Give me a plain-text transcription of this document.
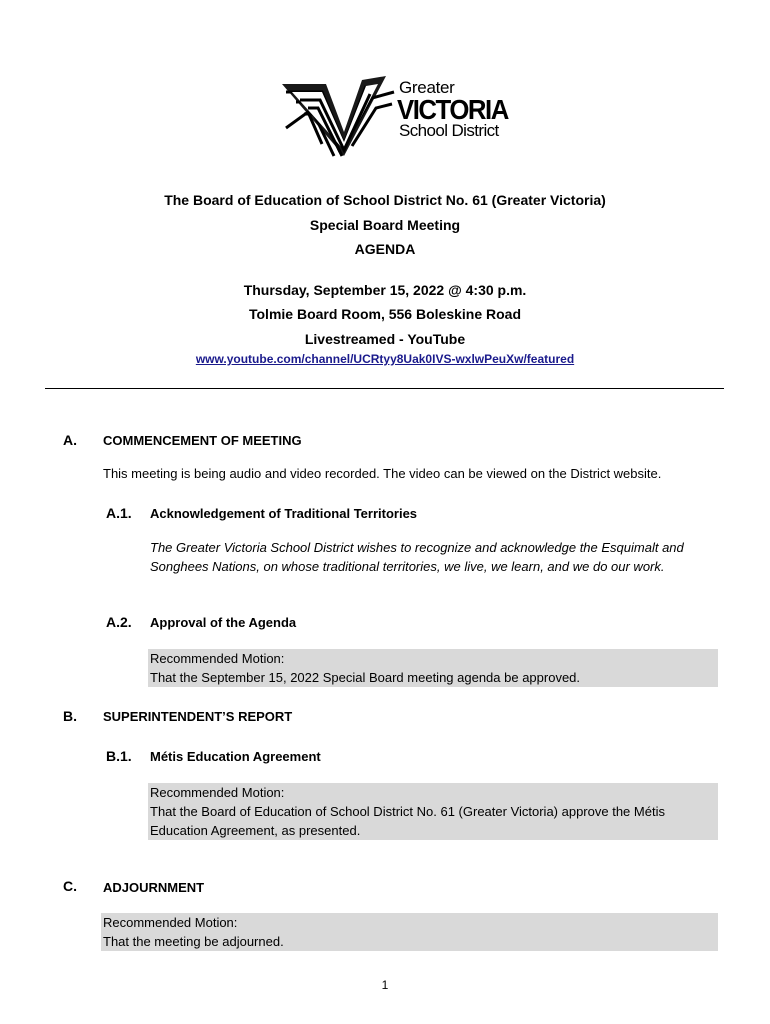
Greater
VICTORIA
School District
The Board of Education of School District No. 61 (Greater Victoria)
Special Board Meeting
AGENDA
Thursday, September 15, 2022 @ 4:30 p.m.
Tolmie Board Room, 556 Boleskine Road
Livestreamed - YouTube
www.youtube.com/channel/UCRtyy8Uak0IVS-wxlwPeuXw/featured
A. COMMENCEMENT OF MEETING
This meeting is being audio and video recorded. The video can be viewed on the District website.
A.1. Acknowledgement of Traditional Territories
The Greater Victoria School District wishes to recognize and acknowledge the Esquimalt and Songhees Nations, on whose traditional territories, we live, we learn, and we do our work.
A.2. Approval of the Agenda
Recommended Motion:
That the September 15, 2022 Special Board meeting agenda be approved.
B. SUPERINTENDENT’S REPORT
B.1. Métis Education Agreement
Recommended Motion:
That the Board of Education of School District No. 61 (Greater Victoria) approve the Métis Education Agreement, as presented.
C. ADJOURNMENT
Recommended Motion:
That the meeting be adjourned.
1
